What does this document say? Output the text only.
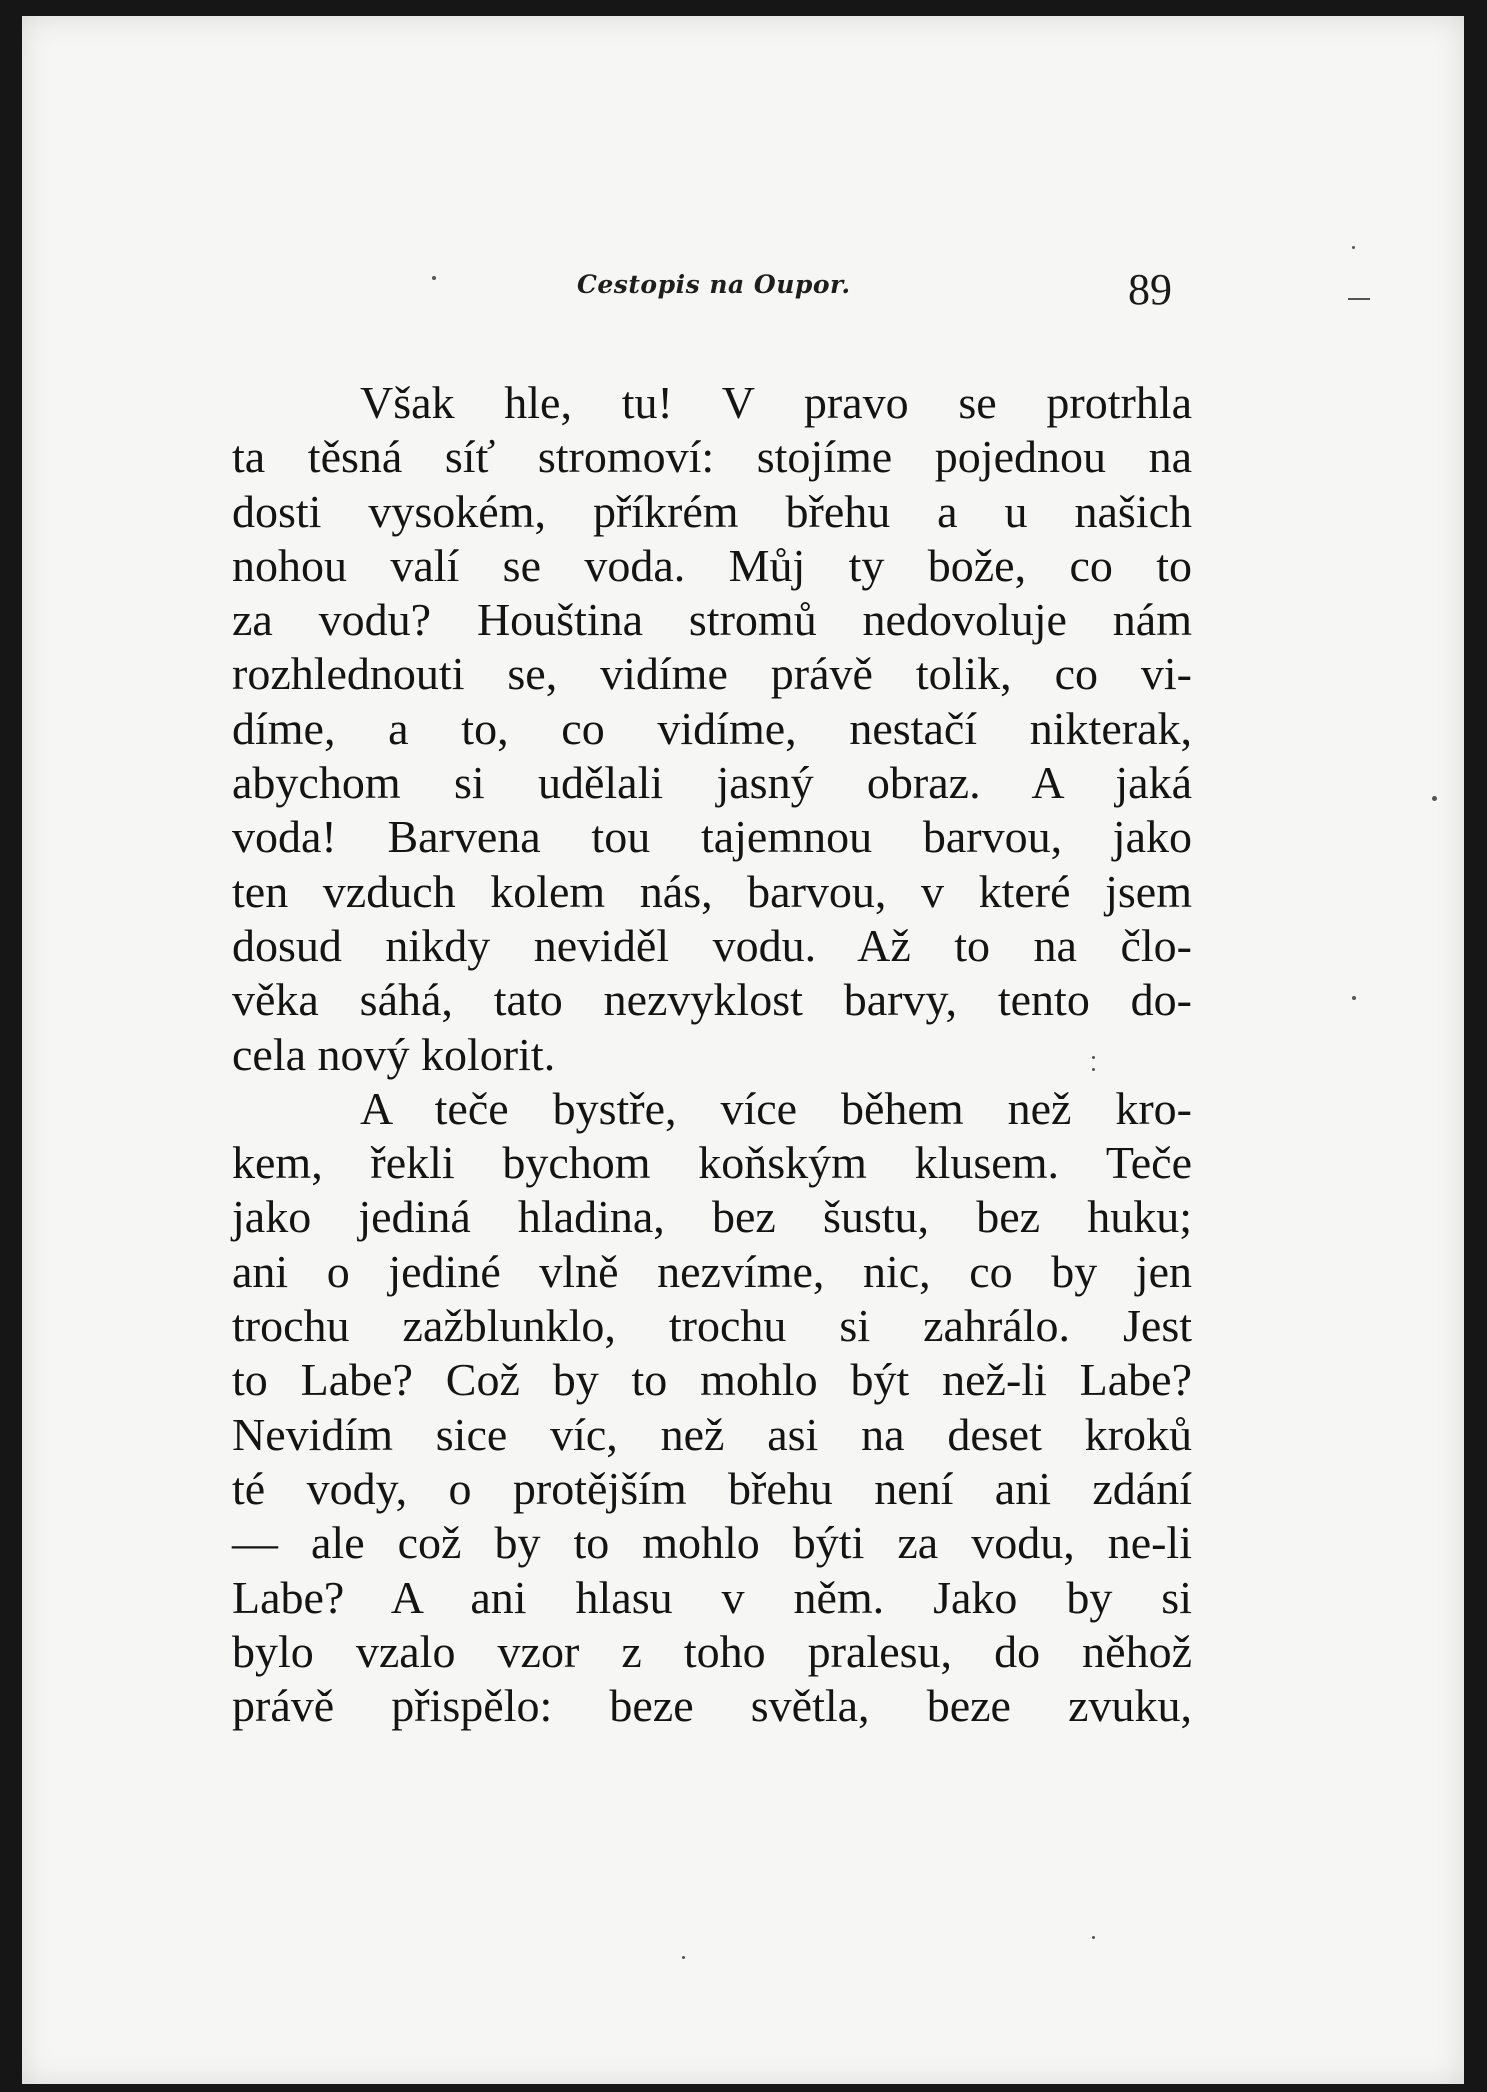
Cestopis na Oupor.	89
Však hle, tu! V pravo se protrhla
ta těsná síť stromoví: stojíme pojednou na
dosti vysokém, příkrém břehu a u našich
nohou valí se voda. Můj ty bože, co to
za vodu? Houština stromů nedovoluje nám
rozhlednouti se, vidíme právě tolik, co vi-
díme, a to, co vidíme, nestačí nikterak,
abychom si udělali jasný obraz. A jaká
voda! Barvena tou tajemnou barvou, jako
ten vzduch kolem nás, barvou, v které jsem
dosud nikdy neviděl vodu. Až to na člo-
věka sáhá, tato nezvyklost barvy, tento do-
cela nový kolorit.
A teče bystře, více během než kro-
kem, řekli bychom koňským klusem. Teče
jako jediná hladina, bez šustu, bez huku;
ani o jediné vlně nezvíme, nic, co by jen
trochu zažblunklo, trochu si zahrálo. Jest
to Labe? Což by to mohlo být než-li Labe?
Nevidím sice víc, než asi na deset kroků
té vody, o protějším břehu není ani zdání
— ale což by to mohlo býti za vodu, ne-li
Labe? A ani hlasu v něm. Jako by si
bylo vzalo vzor z toho pralesu, do něhož
právě přispělo: beze světla, beze zvuku,
